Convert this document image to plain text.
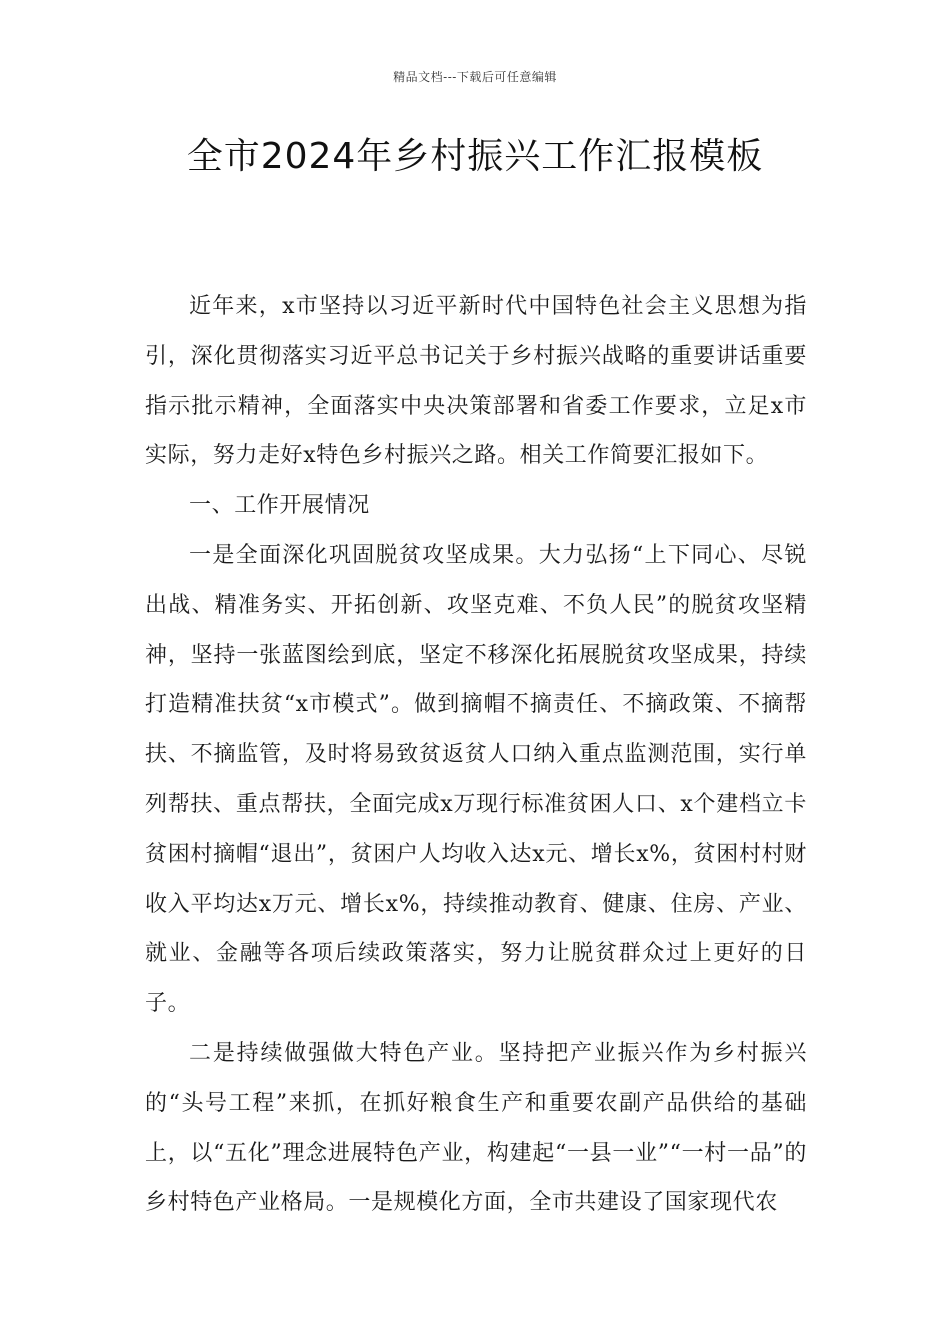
精品文档---下载后可任意编辑
全市2024年乡村振兴工作汇报模板

近年来，x市坚持以习近平新时代中国特色社会主义思想为指引，深化贯彻落实习近平总书记关于乡村振兴战略的重要讲话重要指示批示精神，全面落实中央决策部署和省委工作要求，立足x市实际，努力走好x特色乡村振兴之路。相关工作简要汇报如下。

一、工作开展情况

一是全面深化巩固脱贫攻坚成果。大力弘扬“上下同心、尽锐出战、精准务实、开拓创新、攻坚克难、不负人民”的脱贫攻坚精神，坚持一张蓝图绘到底，坚定不移深化拓展脱贫攻坚成果，持续打造精准扶贫“x市模式”。做到摘帽不摘责任、不摘政策、不摘帮扶、不摘监管，及时将易致贫返贫人口纳入重点监测范围，实行单列帮扶、重点帮扶，全面完成x万现行标准贫困人口、x个建档立卡贫困村摘帽“退出”，贫困户人均收入达x元、增长x%，贫困村村财收入平均达x万元、增长x%，持续推动教育、健康、住房、产业、就业、金融等各项后续政策落实，努力让脱贫群众过上更好的日子。

二是持续做强做大特色产业。坚持把产业振兴作为乡村振兴的“头号工程”来抓，在抓好粮食生产和重要农副产品供给的基础上，以“五化”理念进展特色产业，构建起“一县一业”“一村一品”的乡村特色产业格局。一是规模化方面，全市共建设了国家现代农
